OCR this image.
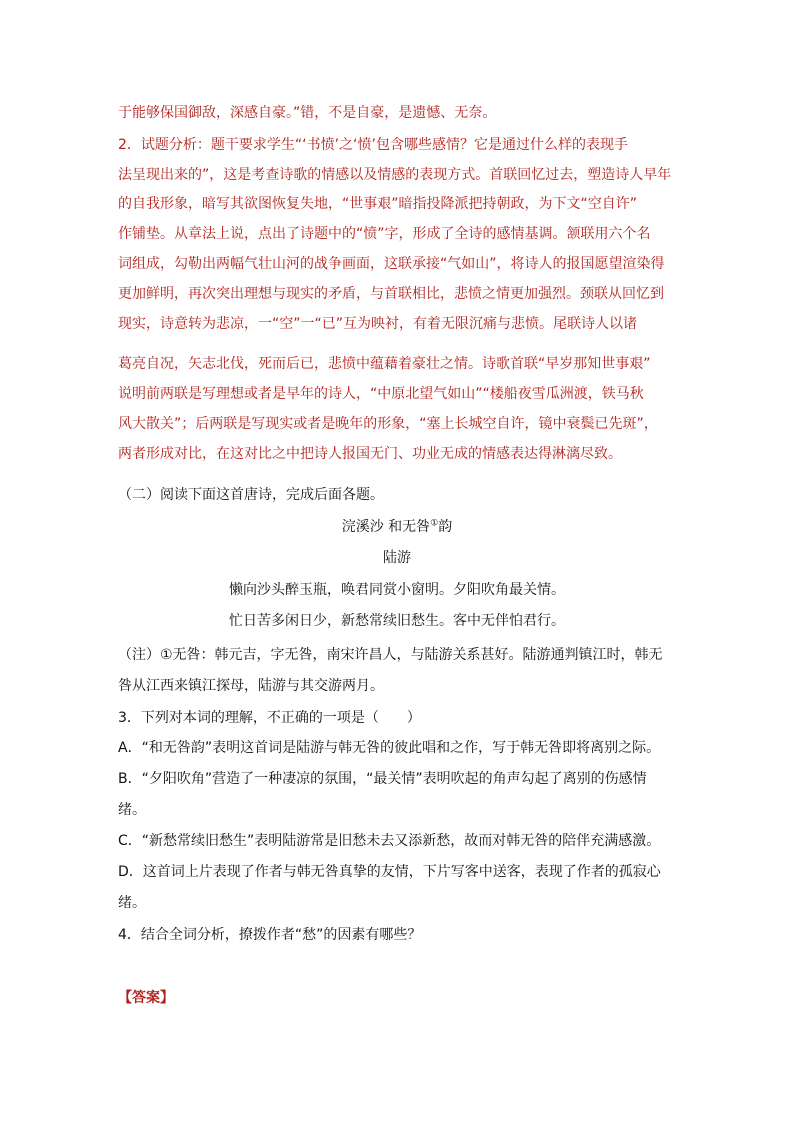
于能够保国御敌，深感自豪。”错，不是自豪，是遗憾、无奈。
2．试题分析：题干要求学生“‘书愤’之‘愤’包含哪些感情？它是通过什么样的表现手
法呈现出来的”，这是考查诗歌的情感以及情感的表现方式。首联回忆过去，塑造诗人早年
的自我形象，暗写其欲图恢复失地，“世事艰”暗指投降派把持朝政，为下文“空自许”
作铺垫。从章法上说，点出了诗题中的“愤”字，形成了全诗的感情基调。颔联用六个名
词组成，勾勒出两幅气壮山河的战争画面，这联承接“气如山”，将诗人的报国愿望渲染得
更加鲜明，再次突出理想与现实的矛盾，与首联相比，悲愤之情更加强烈。颈联从回忆到
现实，诗意转为悲凉，一“空”一“已”互为映衬，有着无限沉痛与悲愤。尾联诗人以诸
葛亮自况，矢志北伐，死而后已，悲愤中蕴藉着豪壮之情。诗歌首联“早岁那知世事艰”
说明前两联是写理想或者是早年的诗人，“中原北望气如山”“楼船夜雪瓜洲渡，铁马秋
风大散关”；后两联是写现实或者是晚年的形象，“塞上长城空自许，镜中衰鬓已先斑”，
两者形成对比，在这对比之中把诗人报国无门、功业无成的情感表达得淋漓尽致。
（二）阅读下面这首唐诗，完成后面各题。
浣溪沙 和无咎①韵
陆游
懒向沙头醉玉瓶，唤君同赏小窗明。夕阳吹角最关情。
忙日苦多闲日少，新愁常续旧愁生。客中无伴怕君行。
（注）①无咎：韩元吉，字无咎，南宋许昌人，与陆游关系甚好。陆游通判镇江时，韩无
咎从江西来镇江探母，陆游与其交游两月。
3．下列对本词的理解，不正确的一项是（　　）
A．“和无咎韵”表明这首词是陆游与韩无咎的彼此唱和之作，写于韩无咎即将离别之际。
B．“夕阳吹角”营造了一种凄凉的氛围，“最关情”表明吹起的角声勾起了离别的伤感情
绪。
C．“新愁常续旧愁生”表明陆游常是旧愁未去又添新愁，故而对韩无咎的陪伴充满感激。
D．这首词上片表现了作者与韩无咎真挚的友情，下片写客中送客，表现了作者的孤寂心
绪。
4．结合全词分析，撩拨作者“愁”的因素有哪些？
【答案】
